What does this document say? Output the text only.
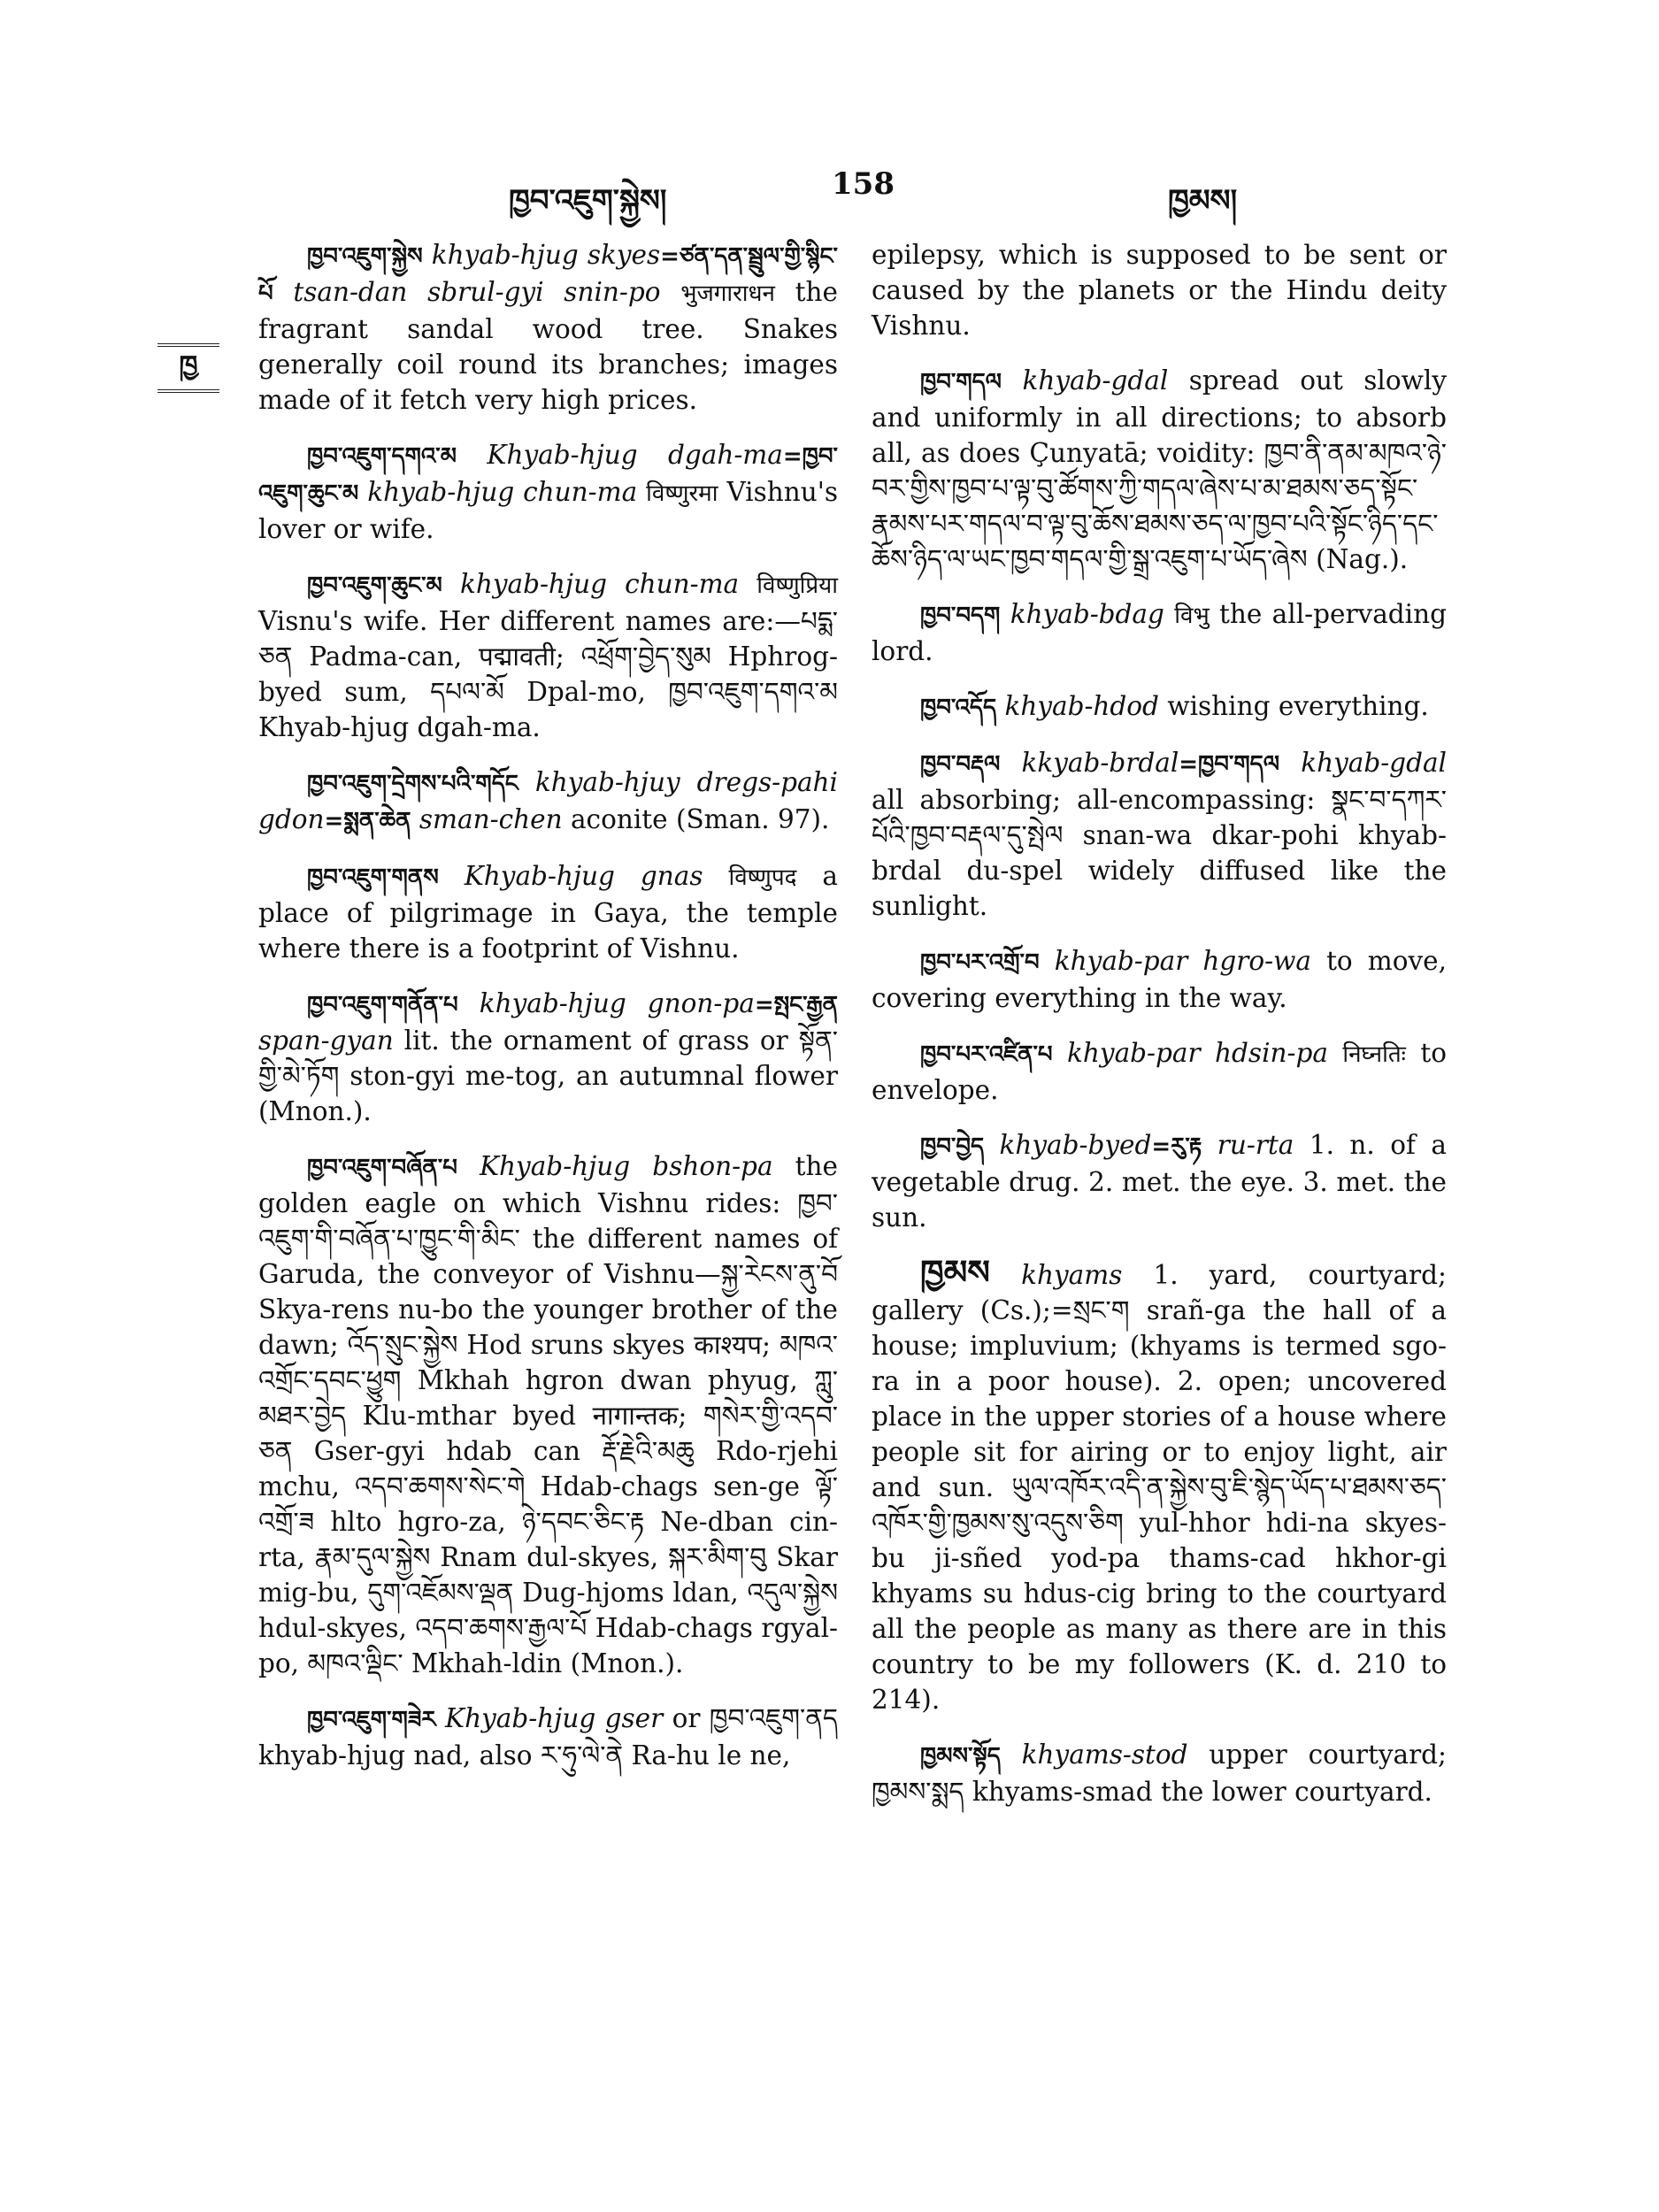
ཁྱབ་འཇུག་སྐྱེས།	158	ཁྱམས།
ཁྱ

ཁྱབ་འཇུག་སྐྱེས khyab-hjug skyes=ཙན་དན་སྦྲུལ་གྱི་སྙིང་པོ tsan-dan sbrul-gyi snin-po भुजगाराधन the fragrant sandal wood tree. Snakes generally coil round its branches; images made of it fetch very high prices.

ཁྱབ་འཇུག་དགའ་མ Khyab-hjug dgah-ma=ཁྱབ་འཇུག་ཆུང་མ khyab-hjug chun-ma विष्णुरमा Vishnu's lover or wife.

ཁྱབ་འཇུག་ཆུང་མ khyab-hjug chun-ma विष्णुप्रिया Visnu's wife. Her different names are:—པདྨ་ཅན Padma-can, पद्मावती; འཕྲོག་བྱེད་སུམ Hphrog-byed sum, དཔལ་མོ Dpal-mo, ཁྱབ་འཇུག་དགའ་མ Khyab-hjug dgah-ma.

ཁྱབ་འཇུག་དྲེགས་པའི་གདོང khyab-hjuy dregs-pahi gdon=སྨན་ཆེན sman-chen aconite (Sman. 97).

ཁྱབ་འཇུག་གནས Khyab-hjug gnas विष्णुपद a place of pilgrimage in Gaya, the temple where there is a footprint of Vishnu.

ཁྱབ་འཇུག་གནོན་པ khyab-hjug gnon-pa=སྤང་རྒྱན span-gyan lit. the ornament of grass or སྟོན་གྱི་མེ་ཏོག ston-gyi me-tog, an autumnal flower (Mnon.).

ཁྱབ་འཇུག་བཞོན་པ Khyab-hjug bshon-pa the golden eagle on which Vishnu rides: ཁྱབ་འཇུག་གི་བཞོན་པ་ཁྱུང་གི་མིང་ the different names of Garuda, the conveyor of Vishnu—སྐྱ་རེངས་ནུ་བོ Skya-rens nu-bo the younger brother of the dawn; འོད་སྲུང་སྐྱེས Hod sruns skyes काश्यप; མཁའ་འགྲོང་དབང་ཕྱུག Mkhah hgron dwan phyug, ཀླུ་མཐར་བྱེད Klu-mthar byed नागान्तक; གསེར་གྱི་འདབ་ཅན Gser-gyi hdab can རྡོ་རྗེའི་མཆུ Rdo-rjehi mchu, འདབ་ཆགས་སེང་གེ Hdab-chags sen-ge ལྟོ་འགྲོ་ཟ hlto hgro-za, ཉེ་དབང་ཅིང་རྟ Ne-dban cin-rta, རྣམ་དུལ་སྐྱེས Rnam dul-skyes, སྐར་མིག་བུ Skar mig-bu, དུག་འཇོམས་ལྡན Dug-hjoms ldan, འདུལ་སྐྱེས hdul-skyes, འདབ་ཆགས་རྒྱལ་པོ Hdab-chags rgyal-po, མཁའ་ལྡིང་ Mkhah-ldin (Mnon.).

ཁྱབ་འཇུག་གཟེར Khyab-hjug gser or ཁྱབ་འཇུག་ནད khyab-hjug nad, also ར་ཧུ་ལེ་ནེ Ra-hu le ne,

epilepsy, which is supposed to be sent or caused by the planets or the Hindu deity Vishnu.

ཁྱབ་གདལ khyab-gdal spread out slowly and uniformly in all directions; to absorb all, as does Çunyatā; voidity: ཁྱབ་ནི་ནམ་མཁའ་ཉེ་བར་གྱིས་ཁྱབ་པ་ལྟ་བུ་ཚོགས་ཀྱི་གདལ་ཞེས་པ་མ་ཐམས་ཅད་སྟོང་རྣམས་པར་གདལ་བ་ལྟ་བུ་ཆོས་ཐམས་ཅད་ལ་ཁྱབ་པའི་སྟོང་ཉིད་དང་ཆོས་ཉིད་ལ་ཡང་ཁྱབ་གདལ་གྱི་སྒྲ་འཇུག་པ་ཡོད་ཞེས (Nag.).

ཁྱབ་བདག khyab-bdag विभु the all-pervading lord.

ཁྱབ་འདོད khyab-hdod wishing everything.

ཁྱབ་བརྡལ kkyab-brdal=ཁྱབ་གདལ khyab-gdal all absorbing; all-encompassing: སྣང་བ་དཀར་པོའི་ཁྱབ་བརྡལ་དུ་སྤེལ snan-wa dkar-pohi khyab-brdal du-spel widely diffused like the sunlight.

ཁྱབ་པར་འགྲོ་བ khyab-par hgro-wa to move, covering everything in the way.

ཁྱབ་པར་འཛིན་པ khyab-par hdsin-pa निघ्नतिः to envelope.

ཁྱབ་བྱེད khyab-byed=རུ་རྟ ru-rta 1. n. of a vegetable drug. 2. met. the eye. 3. met. the sun.

ཁྱམས khyams 1. yard, courtyard; gallery (Cs.);=སྲང་ག srañ-ga the hall of a house; impluvium; (khyams is termed sgo-ra in a poor house). 2. open; uncovered place in the upper stories of a house where people sit for airing or to enjoy light, air and sun. ཡུལ་འཁོར་འདི་ན་སྐྱེས་བུ་ཇི་སྙེད་ཡོད་པ་ཐམས་ཅད་འཁོར་གྱི་ཁྱམས་སུ་འདུས་ཅིག yul-hhor hdi-na skyes-bu ji-sñed yod-pa thams-cad hkhor-gi khyams su hdus-cig bring to the courtyard all the people as many as there are in this country to be my followers (K. d. 210 to 214).

ཁྱམས་སྟོད khyams-stod upper courtyard; ཁྱམས་སྨད khyams-smad the lower courtyard.
